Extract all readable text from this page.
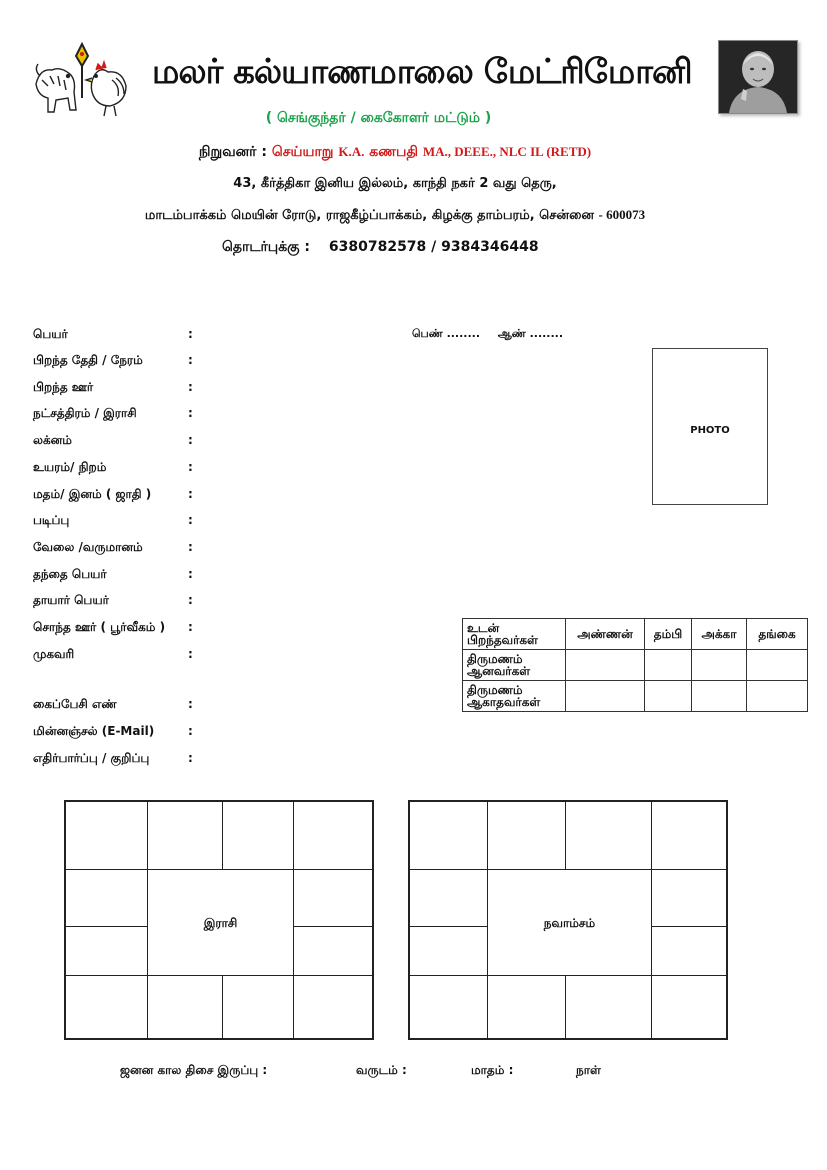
மலர் கல்யாணமாலை மேட்ரிமோனி
( செங்குந்தர் / கைகோளர் மட்டும் )
நிறுவனர் : செய்யாறு K.A. கணபதி MA., DEEE., NLC IL (RETD)
43, கீர்த்திகா இனிய இல்லம், காந்தி நகர் 2 வது தெரு,
மாடம்பாக்கம் மெயின் ரோடு, ராஜகீழ்ப்பாக்கம், கிழக்கு தாம்பரம், சென்னை - 600073
தொடர்புக்கு : 6380782578 / 9384346448
பெயர்	:
பிறந்த தேதி / நேரம்	:
பிறந்த ஊர்	:
நட்சத்திரம் / இராசி	:
லக்னம்	:
உயரம்/ நிறம்	:
மதம்/ இனம் ( ஜாதி )	:
படிப்பு	:
வேலை /வருமானம்	:
தந்தை பெயர்	:
தாயார் பெயர்	:
சொந்த ஊர் ( பூர்வீகம் ) :
முகவரி	:
கைப்பேசி எண்	:
மின்னஞ்சல் (E-Mail)	:
எதிர்பார்ப்பு / குறிப்பு	:
பெண் ........ ஆண் ........
PHOTO
உடன்
பிறந்தவர்கள்	அண்ணன்	தம்பி	அக்கா	தங்கை

திருமணம்
ஆனவர்கள்				

திருமணம்
ஆகாதவர்கள்				

இராசி	நவாம்சம்
ஜனன கால திசை இருப்பு :	வருடம் :	மாதம் :	நாள்
